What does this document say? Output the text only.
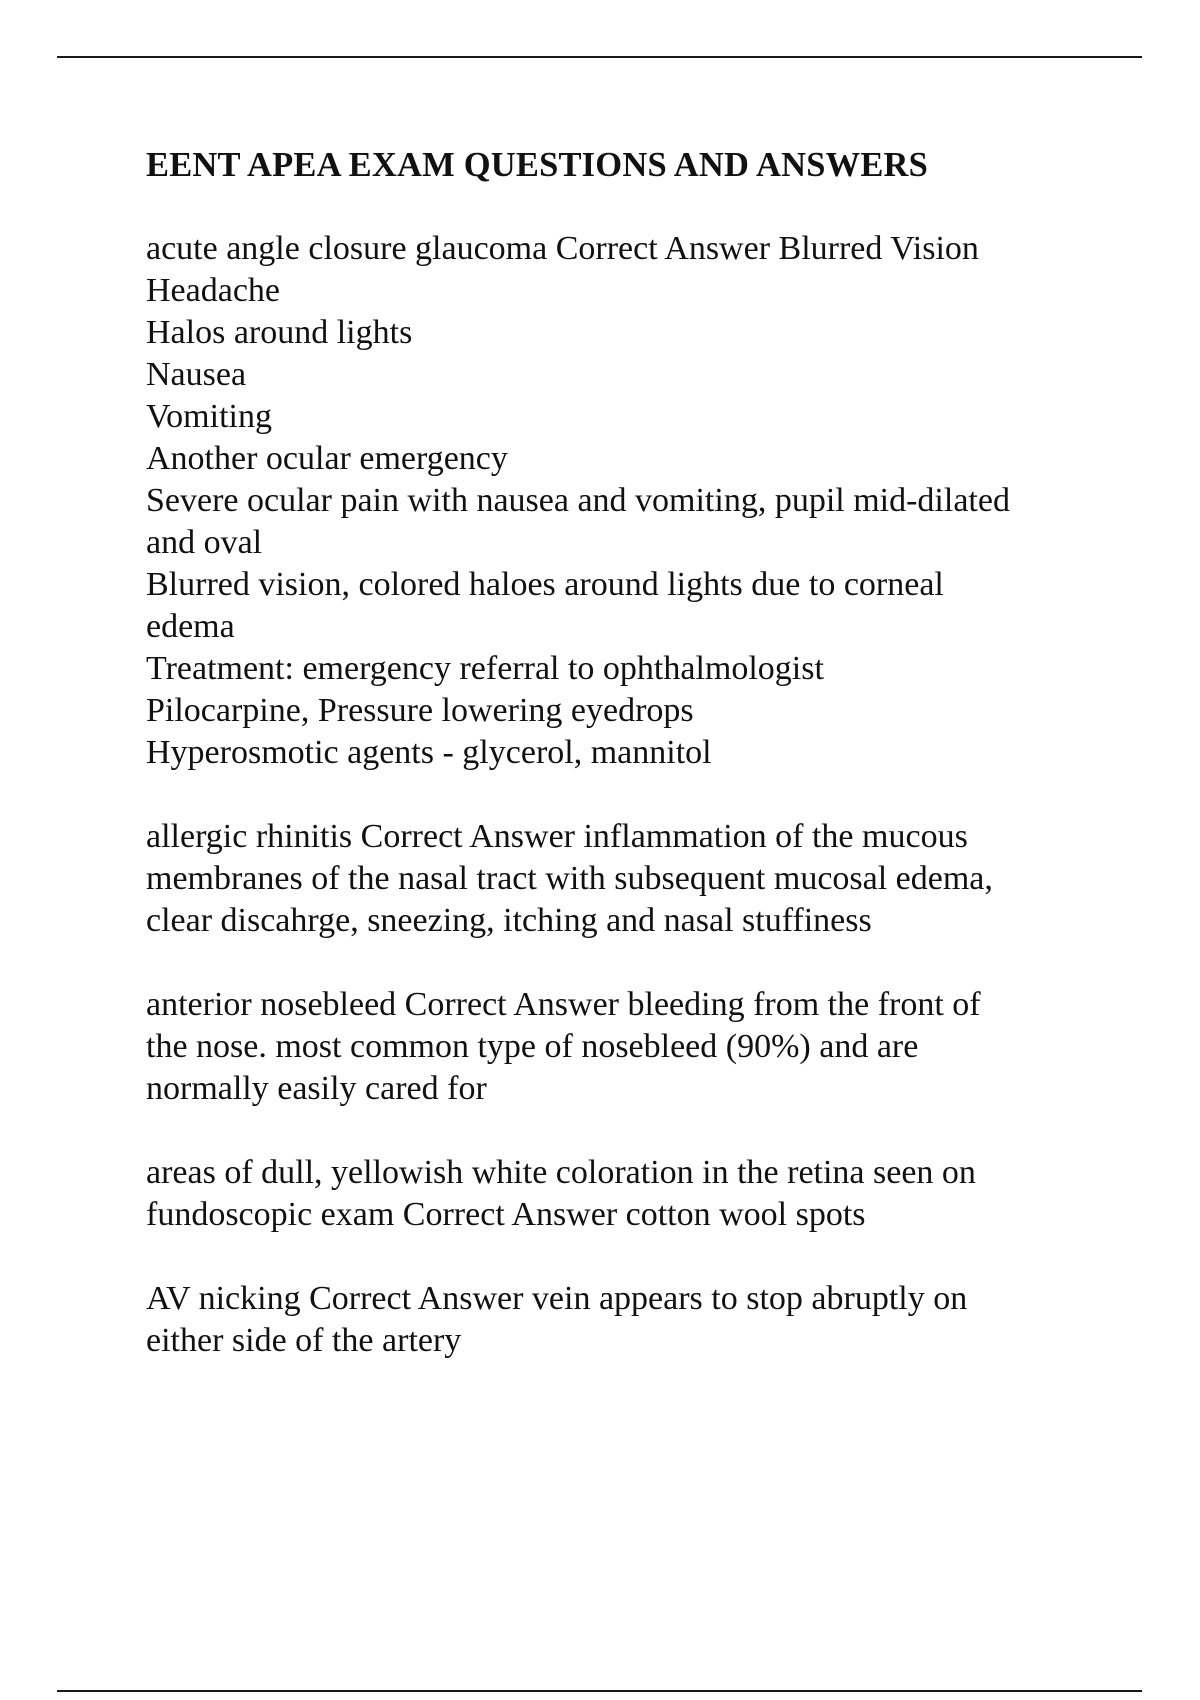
EENT APEA EXAM QUESTIONS AND ANSWERS
acute angle closure glaucoma Correct Answer Blurred Vision
Headache
Halos around lights
Nausea
Vomiting
Another ocular emergency
Severe ocular pain with nausea and vomiting, pupil mid-dilated
and oval
Blurred vision, colored haloes around lights due to corneal
edema
Treatment: emergency referral to ophthalmologist
Pilocarpine, Pressure lowering eyedrops
Hyperosmotic agents - glycerol, mannitol
allergic rhinitis Correct Answer inflammation of the mucous
membranes of the nasal tract with subsequent mucosal edema,
clear discahrge, sneezing, itching and nasal stuffiness
anterior nosebleed Correct Answer bleeding from the front of
the nose. most common type of nosebleed (90%) and are
normally easily cared for
areas of dull, yellowish white coloration in the retina seen on
fundoscopic exam Correct Answer cotton wool spots
AV nicking Correct Answer vein appears to stop abruptly on
either side of the artery
